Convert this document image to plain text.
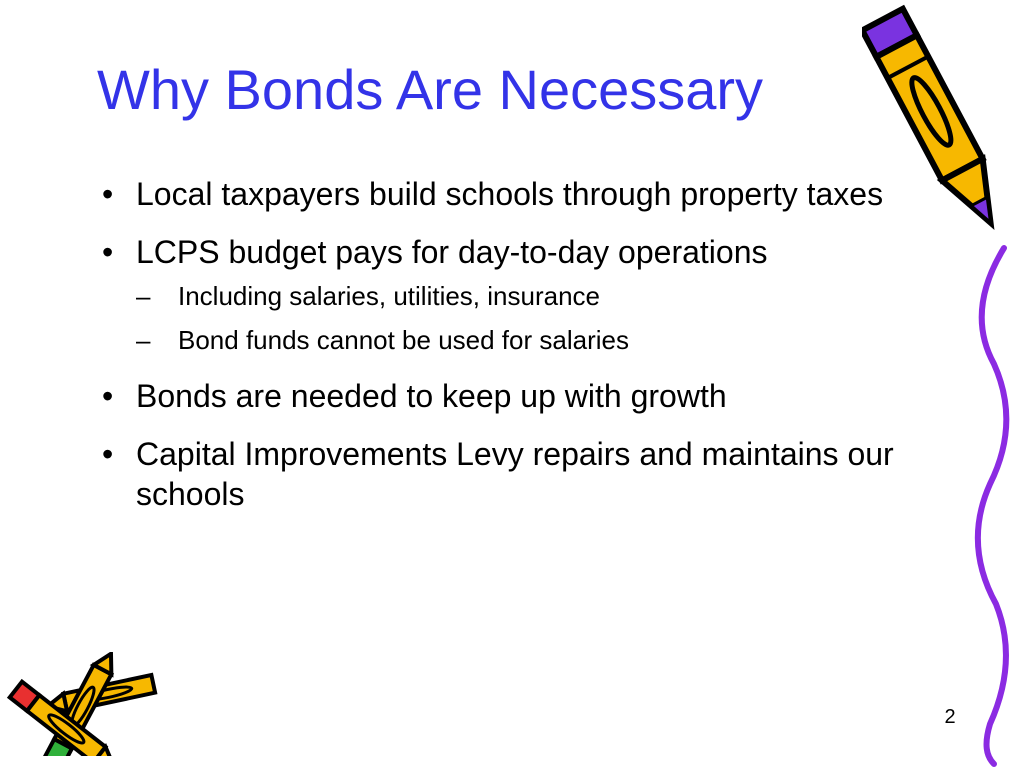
Why Bonds Are Necessary
• Local taxpayers build schools through property taxes
• LCPS budget pays for day-to-day operations
– Including salaries, utilities, insurance
– Bond funds cannot be used for salaries
• Bonds are needed to keep up with growth
• Capital Improvements Levy repairs and maintains our schools
2
